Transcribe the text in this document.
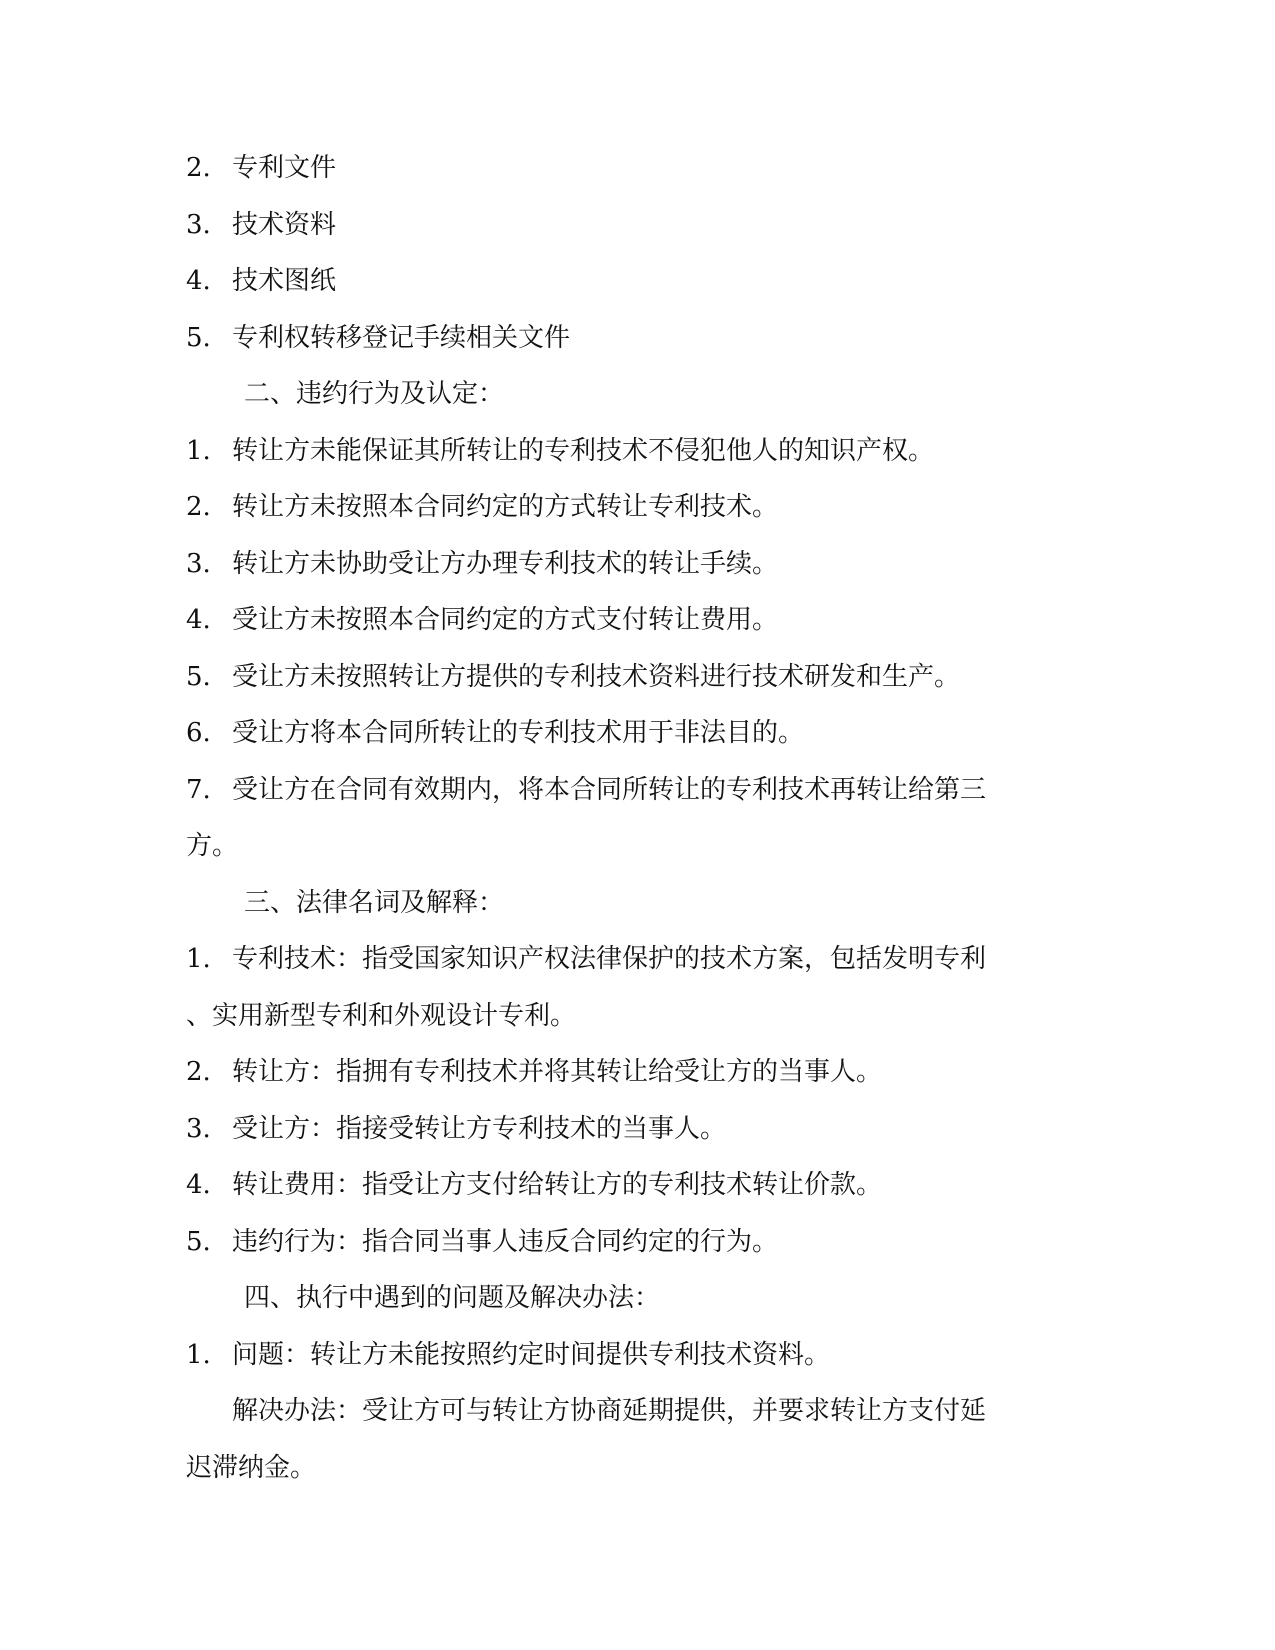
2. 专利文件
3. 技术资料
4. 技术图纸
5. 专利权转移登记手续相关文件
二、违约行为及认定：
1. 转让方未能保证其所转让的专利技术不侵犯他人的知识产权。
2. 转让方未按照本合同约定的方式转让专利技术。
3. 转让方未协助受让方办理专利技术的转让手续。
4. 受让方未按照本合同约定的方式支付转让费用。
5. 受让方未按照转让方提供的专利技术资料进行技术研发和生产。
6. 受让方将本合同所转让的专利技术用于非法目的。
7. 受让方在合同有效期内，将本合同所转让的专利技术再转让给第三
方。
三、法律名词及解释：
1. 专利技术：指受国家知识产权法律保护的技术方案，包括发明专利
、实用新型专利和外观设计专利。
2. 转让方：指拥有专利技术并将其转让给受让方的当事人。
3. 受让方：指接受转让方专利技术的当事人。
4. 转让费用：指受让方支付给转让方的专利技术转让价款。
5. 违约行为：指合同当事人违反合同约定的行为。
四、执行中遇到的问题及解决办法：
1. 问题：转让方未能按照约定时间提供专利技术资料。
解决办法：受让方可与转让方协商延期提供，并要求转让方支付延
迟滞纳金。
